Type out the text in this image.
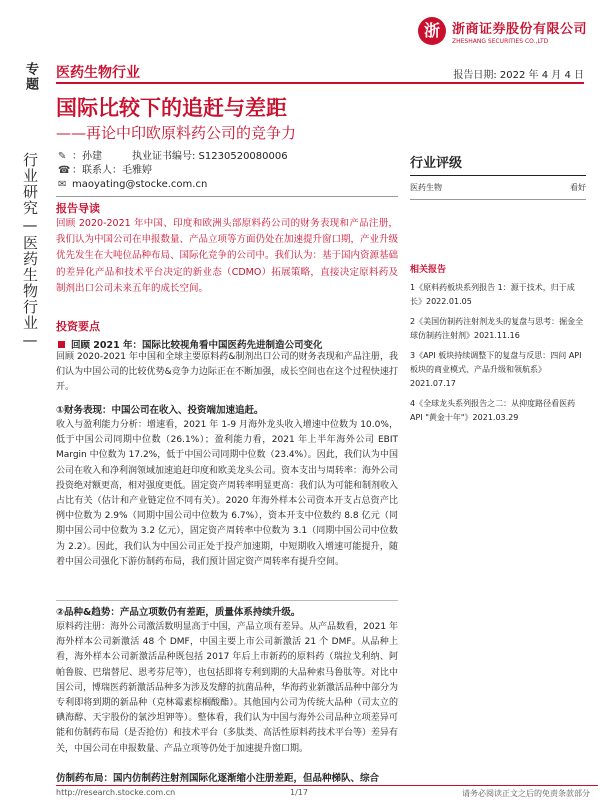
浙 浙商证券股份有限公司
ZHESHANG SECURITIES CO.,LTD
专题
行业研究—医药生物行业—
医药生物行业	报告日期: 2022 年 4 月 4 日
国际比较下的追赶与差距
——再论中印欧原料药公司的竞争力
✎ ：孙建	执业证书编号: S1230520080006
☎ ：联系人：毛雅婷
✉ maoyating@stocke.com.cn
报告导读
回顾 2020-2021 年中国、印度和欧洲头部原料药公司的财务表现和产品注册，我们认为中国公司在申报数量、产品立项等方面仍处在加速提升窗口期，产业升级优先发生在大吨位品种布局、国际化竞争的公司中。我们认为：基于国内资源基础的差异化产品和技术平台决定的新业态（CDMO）拓展策略，直接决定原料药及制剂出口公司未来五年的成长空间。
投资要点
回顾 2021 年：国际比较视角看中国医药先进制造公司变化
回顾 2020-2021 年中国和全球主要原料药&制剂出口公司的财务表现和产品注册，我们认为中国公司的比较优势&竞争力边际正在不断加强，成长空间也在这个过程快速打开。
①财务表现：中国公司在收入、投资端加速追赶。
收入与盈利能力分析：增速看，2021 年 1-9 月海外龙头收入增速中位数为 10.0%，低于中国公司同期中位数（26.1%）；盈利能力看，2021 年上半年海外公司 EBIT Margin 中位数为 17.2%，低于中国公司同期中位数（23.4%）。因此，我们认为中国公司在收入和净利润领域加速追赶印度和欧美龙头公司。资本支出与周转率：海外公司投资绝对额更高，相对强度更低。固定资产周转率明显更高：我们认为可能和制剂收入占比有关（估计和产业链定位不同有关）。2020 年海外样本公司资本开支占总资产比例中位数为 2.9%（同期中国公司中位数为 6.7%），资本开支中位数约 8.8 亿元（同期中国公司中位数为 3.2 亿元），固定资产周转率中位数为 3.1（同期中国公司中位数为 2.2）。因此，我们认为中国公司正处于投产加速期，中短期收入增速可能提升，随着中国公司强化下游仿制药布局，我们预计固定资产周转率有提升空间。
②品种&趋势：产品立项数仍有差距，质量体系持续升级。
原料药注册：海外公司激活数明显高于中国，产品立项有差异。从产品数看，2021 年海外样本公司新激活 48 个 DMF，中国主要上市公司新激活 21 个 DMF。从品种上看，海外样本公司新激活品种既包括 2017 年后上市新药的原料药（瑞拉戈利纳、阿帕鲁胺、巴瑞替尼、恩考芬尼等），也包括即将专利到期的大品种索马鲁肽等。对比中国公司，博瑞医药新激活品种多为涉及发酵的抗菌品种，华海药业新激活品种中部分为专利即将到期的新品种（克林霉素棕榈酸酯）。其他国内公司为传统大品种（司太立的碘海醇、天宇股份的氯沙坦钾等）。整体看，我们认为中国与海外公司品种立项差异可能和仿制药布局（是否抢仿）和技术平台（多肽类、高活性原料药技术平台等）差异有关，中国公司在申报数量、产品立项等仍处于加速提升窗口期。
仿制药布局：国内仿制药注射剂国际化逐渐缩小注册差距，但品种梯队、综合
行业评级
医药生物	看好
相关报告
1《原料药板块系列报告 1：源于技术，归于成长》2022.01.05
2《美国仿制药注射剂龙头的复盘与思考：掘金全球仿制药注射剂》2021.11.16
3《API 板块持续调整下的复盘与反思：四问 API 板块的商业模式、产品升级和领航系》2021.07.17
4《全球龙头系列报告之二：从抑度路径看医药 API "黄金十年"》2021.03.29
http://research.stocke.com.cn	1/17	请务必阅读正文之后的免责条款部分
